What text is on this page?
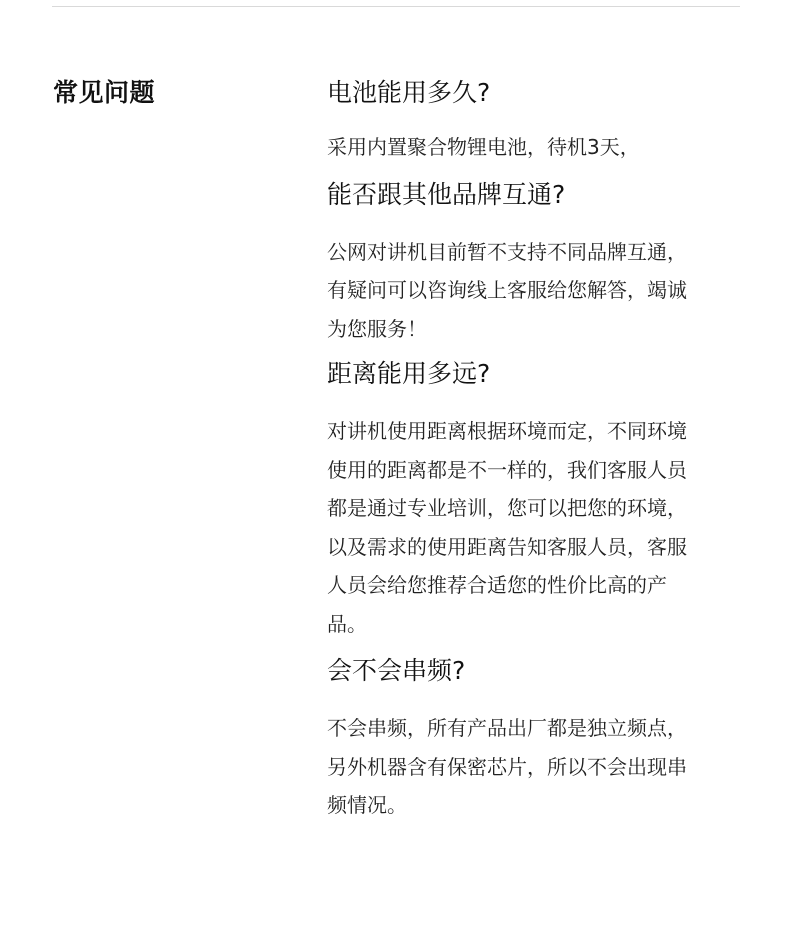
常见问题	电池能用多久?

采用内置聚合物锂电池，待机3天，

能否跟其他品牌互通?

公网对讲机目前暂不支持不同品牌互通，有疑问可以咨询线上客服给您解答，竭诚为您服务！

距离能用多远?

对讲机使用距离根据环境而定，不同环境使用的距离都是不一样的，我们客服人员都是通过专业培训，您可以把您的环境，以及需求的使用距离告知客服人员，客服人员会给您推荐合适您的性价比高的产品。

会不会串频?

不会串频，所有产品出厂都是独立频点，另外机器含有保密芯片，所以不会出现串频情况。
